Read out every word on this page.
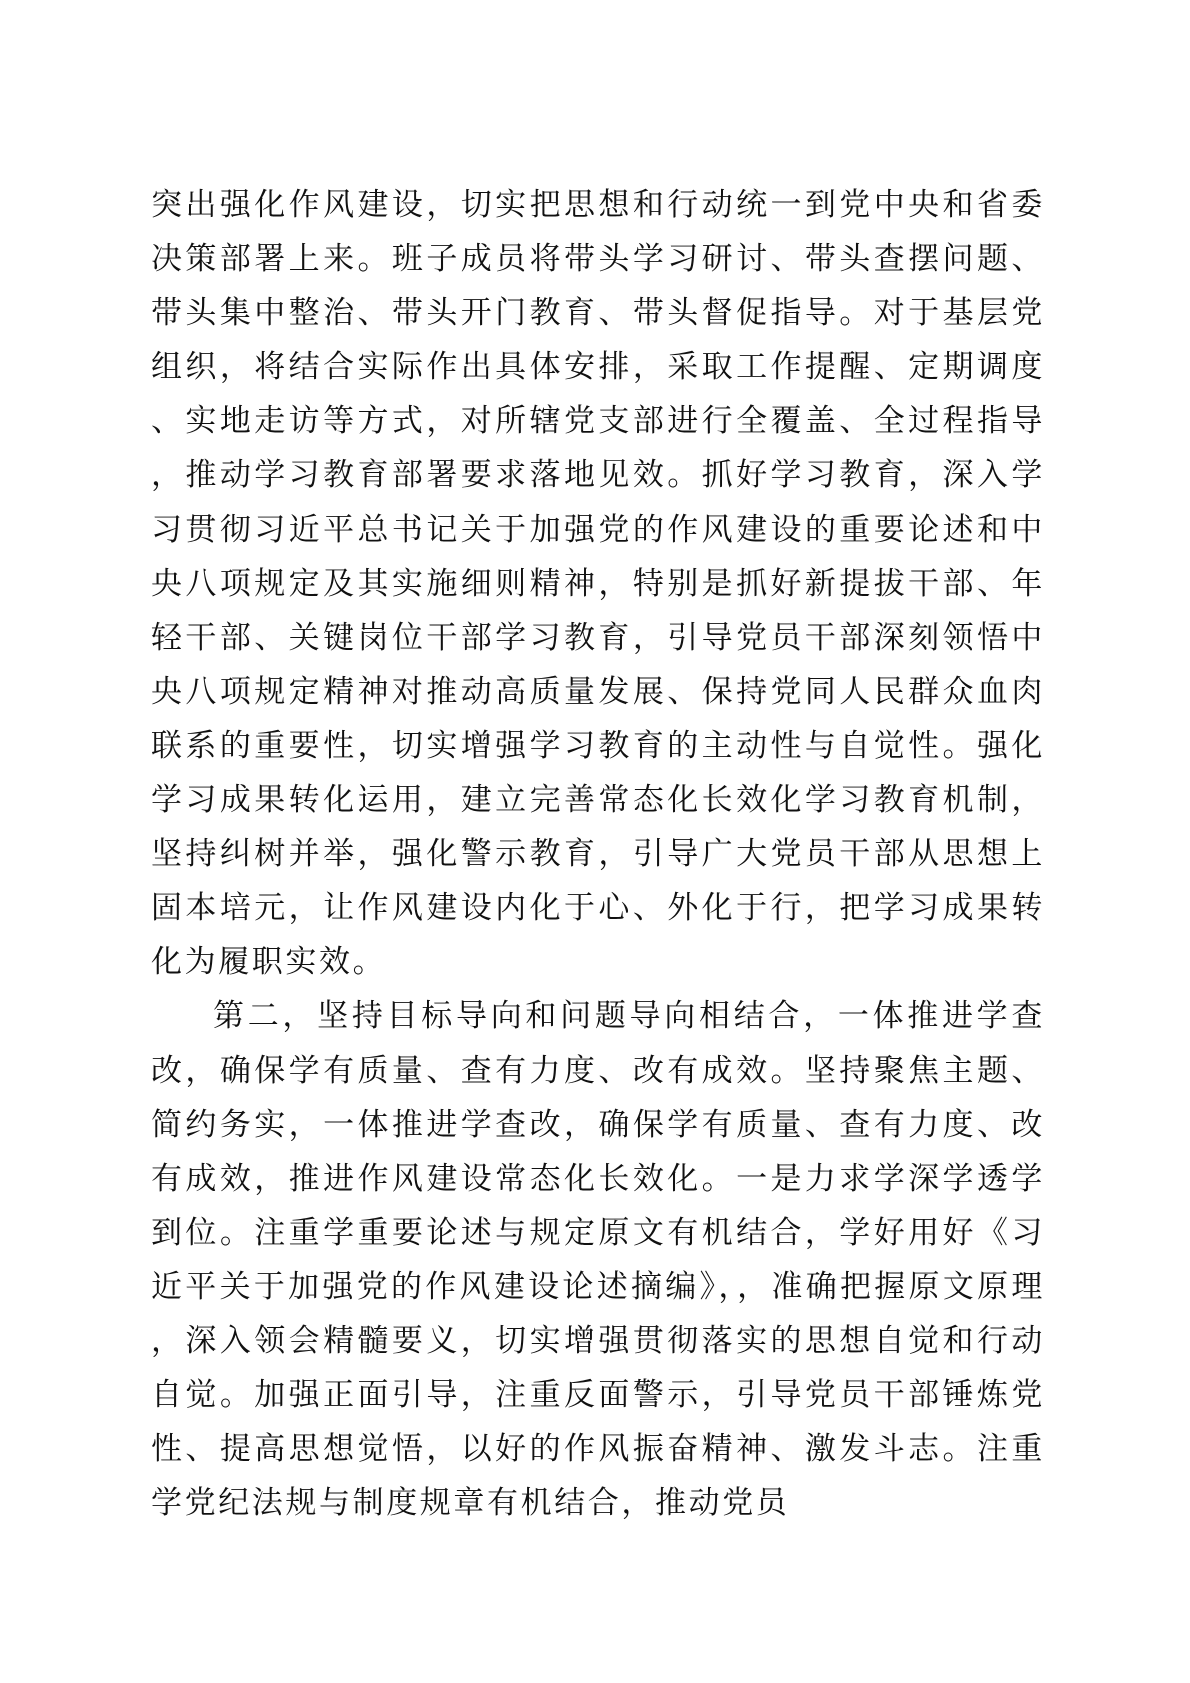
突出强化作风建设，切实把思想和行动统一到党中央和省委决策部署上来。班子成员将带头学习研讨、带头查摆问题、带头集中整治、带头开门教育、带头督促指导。对于基层党组织，将结合实际作出具体安排，采取工作提醒、定期调度、实地走访等方式，对所辖党支部进行全覆盖、全过程指导，推动学习教育部署要求落地见效。抓好学习教育，深入学习贯彻习近平总书记关于加强党的作风建设的重要论述和中央八项规定及其实施细则精神，特别是抓好新提拔干部、年轻干部、关键岗位干部学习教育，引导党员干部深刻领悟中央八项规定精神对推动高质量发展、保持党同人民群众血肉联系的重要性，切实增强学习教育的主动性与自觉性。强化学习成果转化运用，建立完善常态化长效化学习教育机制，坚持纠树并举，强化警示教育，引导广大党员干部从思想上固本培元，让作风建设内化于心、外化于行，把学习成果转化为履职实效。

第二，坚持目标导向和问题导向相结合，一体推进学查改，确保学有质量、查有力度、改有成效。坚持聚焦主题、简约务实，一体推进学查改，确保学有质量、查有力度、改有成效，推进作风建设常态化长效化。一是力求学深学透学到位。注重学重要论述与规定原文有机结合，学好用好《习近平关于加强党的作风建设论述摘编》，，准确把握原文原理，深入领会精髓要义，切实增强贯彻落实的思想自觉和行动自觉。加强正面引导，注重反面警示，引导党员干部锤炼党性、提高思想觉悟，以好的作风振奋精神、激发斗志。注重学党纪法规与制度规章有机结合，推动党员
